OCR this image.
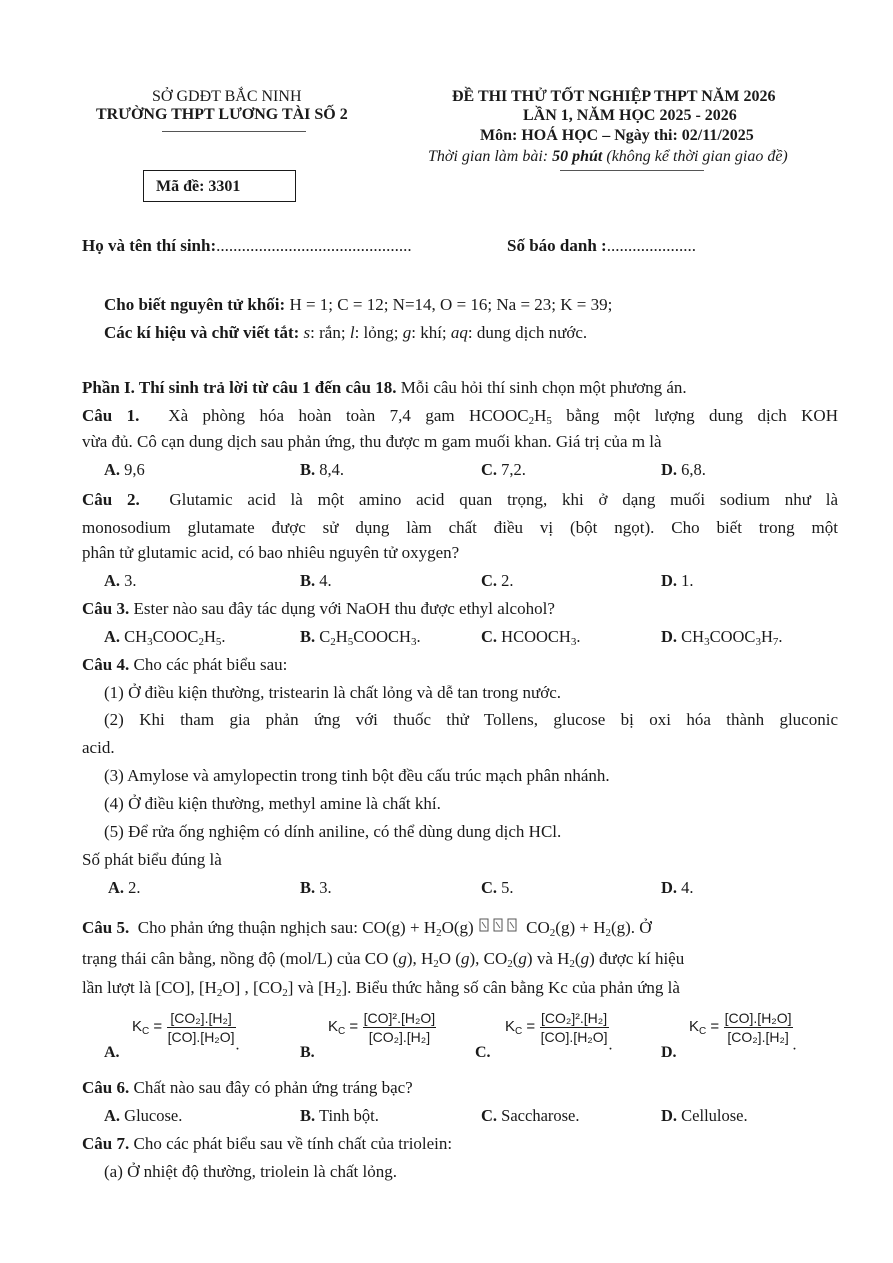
SỞ GDĐT BẮC NINH
TRƯỜNG THPT LƯƠNG TÀI SỐ 2
ĐỀ THI THỬ TỐT NGHIỆP THPT NĂM 2026
LẦN 1, NĂM HỌC 2025 - 2026
Môn: HOÁ HỌC – Ngày thi: 02/11/2025
Thời gian làm bài: 50 phút (không kể thời gian giao đề)
Mã đề: 3301
Họ và tên thí sinh:..............................................	Số báo danh :.....................
Cho biết nguyên tử khối: H = 1; C = 12; N=14, O = 16; Na = 23; K = 39;
Các kí hiệu và chữ viết tắt: s: rắn; l: lỏng; g: khí; aq: dung dịch nước.
Phần I. Thí sinh trả lời từ câu 1 đến câu 18. Mỗi câu hỏi thí sinh chọn một phương án.
Câu 1. Xà phòng hóa hoàn toàn 7,4 gam $HCOOC_2H_5$ bằng một lượng dung dịch KOH
vừa đủ. Cô cạn dung dịch sau phản ứng, thu được m gam muối khan. Giá trị của m là
A. 9,6	B. 8,4.	C. 7,2.	D. 6,8.
Câu 2. Glutamic acid là một amino acid quan trọng, khi ở dạng muối sodium như là
monosodium glutamate được sử dụng làm chất điều vị (bột ngọt). Cho biết trong một
phân tử glutamic acid, có bao nhiêu nguyên tử oxygen?
A. 3.	B. 4.	C. 2.	D. 1.
Câu 3. Ester nào sau đây tác dụng với NaOH thu được ethyl alcohol?
A. $CH_3COOC_2H_5$.	B. $C_2H_5COOCH_3$.	C. $HCOOCH_3$.	D. $CH_3COOC_3H_7$.
Câu 4. Cho các phát biểu sau:
(1) Ở điều kiện thường, tristearin là chất lỏng và dễ tan trong nước.
(2) Khi tham gia phản ứng với thuốc thử Tollens, glucose bị oxi hóa thành gluconic
acid.
(3) Amylose và amylopectin trong tinh bột đều cấu trúc mạch phân nhánh.
(4) Ở điều kiện thường, methyl amine là chất khí.
(5) Để rửa ống nghiệm có dính aniline, có thể dùng dung dịch HCl.
Số phát biểu đúng là
A. 2.	B. 3.	C. 5.	D. 4.
Câu 5. Cho phản ứng thuận nghịch sau: $CO(g) + H_2O(g)$	$CO_2(g) + H_2(g)$. Ở
trạng thái cân bằng, nồng độ (mol/L) của CO (g), $H_2O$ (g), $CO_2(g)$ và $H_2(g)$ được kí hiệu
lần lượt là [CO], $[H_2O]$ , $[CO_2]$ và $[H_2]$. Biểu thức hằng số cân bằng Kc của phản ứng là
A.
$K_C = \frac{\text{[CO₂].[H₂]}}{\text{[CO].[H₂O]}}$
.	B.
$K_C = \frac{\text{[CO]².[H₂O]}}{\text{[CO₂].[H₂]}}$
C.
$K_C = \frac{\text{[CO₂]².[H₂]}}{\text{[CO].[H₂O]}}$
.	D.
$K_C = \frac{\text{[CO].[H₂O]}}{\text{[CO₂].[H₂]}}$
.
Câu 6. Chất nào sau đây có phản ứng tráng bạc?
A. Glucose.	B. Tinh bột.	C. Saccharose.	D. Cellulose.
Câu 7. Cho các phát biểu sau về tính chất của triolein:
(a) Ở nhiệt độ thường, triolein là chất lỏng.
